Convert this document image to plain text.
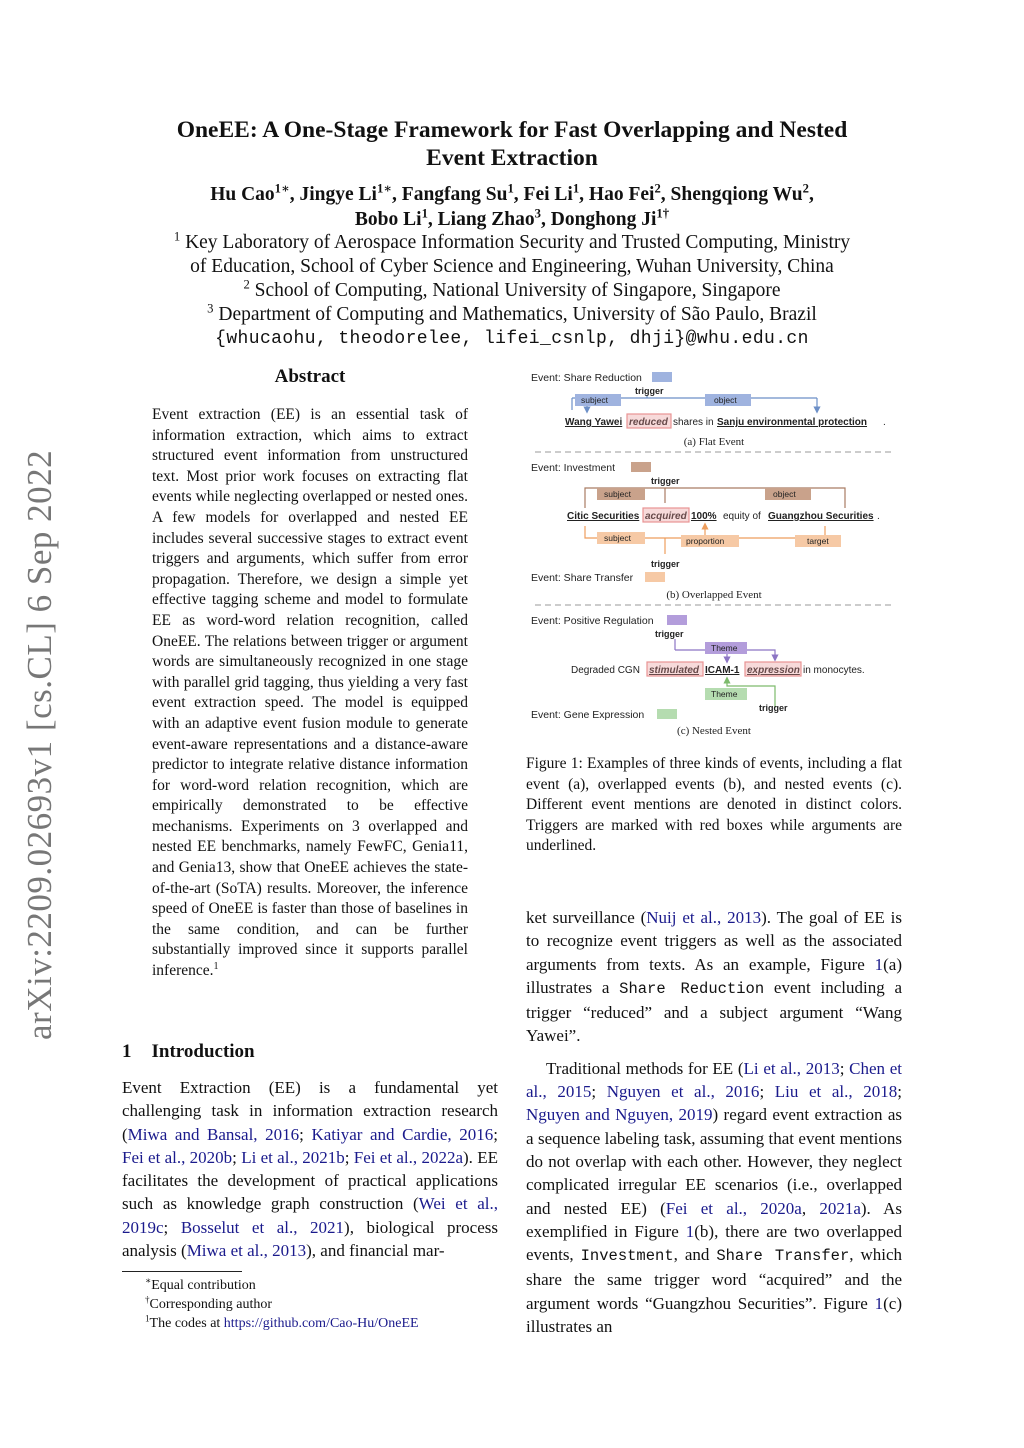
arXiv:2209.02693v1 [cs.CL] 6 Sep 2022
OneEE: A One-Stage Framework for Fast Overlapping and Nested
Event Extraction
Hu Cao$^{1∗}$, Jingye $Li^{1∗}$, Fangfang Su$^1$, Fei Li$^1$, Hao Fei$^2$, Shengqiong Wu$^2$,
Bobo Li$^1$, Liang Zhao$^3$, Donghong $Ji^{1\dagger}$
$^1$ Key Laboratory of Aerospace Information Security and Trusted Computing, Ministry
of Education, School of Cyber Science and Engineering, Wuhan University, China
$^2$ School of Computing, National University of Singapore, Singapore
$^3$ Department of Computing and Mathematics, University of São Paulo, Brazil
{whucaohu, theodorelee, lifei_csnlp, dhji}@whu.edu.cn
Abstract
Event extraction (EE) is an essential task of information extraction, which aims to extract structured event information from unstructured text. Most prior work focuses on extracting flat events while neglecting overlapped or nested ones. A few models for overlapped and nested EE includes several successive stages to extract event triggers and arguments, which suffer from error propagation. Therefore, we design a simple yet effective tagging scheme and model to formulate EE as word-word relation recognition, called OneEE. The relations between trigger or argument words are simultaneously recognized in one stage with parallel grid tagging, thus yielding a very fast event extraction speed. The model is equipped with an adaptive event fusion module to generate event-aware representations and a distance-aware predictor to integrate relative distance information for word-word relation recognition, which are empirically demonstrated to be effective mechanisms. Experiments on 3 overlapped and nested EE benchmarks, namely FewFC, Genia11, and Genia13, show that OneEE achieves the state-of-the-art (SoTA) results. Moreover, the inference speed of OneEE is faster than those of baselines in the same condition, and can be further substantially improved since it supports parallel inference.$^1$
1 Introduction
Event Extraction (EE) is a fundamental yet challenging task in information extraction research (Miwa and Bansal, 2016; Katiyar and Cardie, 2016; Fei et al., 2020b; Li et al., 2021b; Fei et al., 2022a). EE facilitates the development of practical applications such as knowledge graph construction (Wei et al., 2019c; Bosselut et al., 2021), biological process analysis (Miwa et al., 2013), and financial mar-
∗Equal contribution
†Corresponding author
$^1$The codes at https://github.com/Cao-Hu/OneEE
Event: Share Reduction
trigger
subject	object
Wang Yawei reduced shares in Sanju environmental protection .
(a) Flat Event
Event: Investment
trigger
subject	object
Citic Securities acquired 100% equity of Guangzhou Securities .
subject	proportion	target
trigger
Event: Share Transfer
(b) Overlapped Event
Event: Positive Regulation
trigger
Theme
Degraded CGN stimulated ICAM-1 expression in monocytes.
Theme
trigger
Event: Gene Expression
(c) Nested Event
Figure 1: Examples of three kinds of events, including a flat event (a), overlapped events (b), and nested events (c). Different event mentions are denoted in distinct colors. Triggers are marked with red boxes while arguments are underlined.

ket surveillance (Nuij et al., 2013). The goal of EE is to recognize event triggers as well as the associated arguments from texts. As an example, Figure 1(a) illustrates a Share Reduction event including a trigger “reduced” and a subject argument “Wang Yawei”.

Traditional methods for EE (Li et al., 2013; Chen et al., 2015; Nguyen et al., 2016; Liu et al., 2018; Nguyen and Nguyen, 2019) regard event extraction as a sequence labeling task, assuming that event mentions do not overlap with each other. However, they neglect complicated irregular EE scenarios (i.e., overlapped and nested EE) (Fei et al., 2020a, 2021a). As exemplified in Figure 1(b), there are two overlapped events, Investment, and Share Transfer, which share the same trigger word “acquired” and the argument words “Guangzhou Securities”. Figure 1(c) illustrates an
